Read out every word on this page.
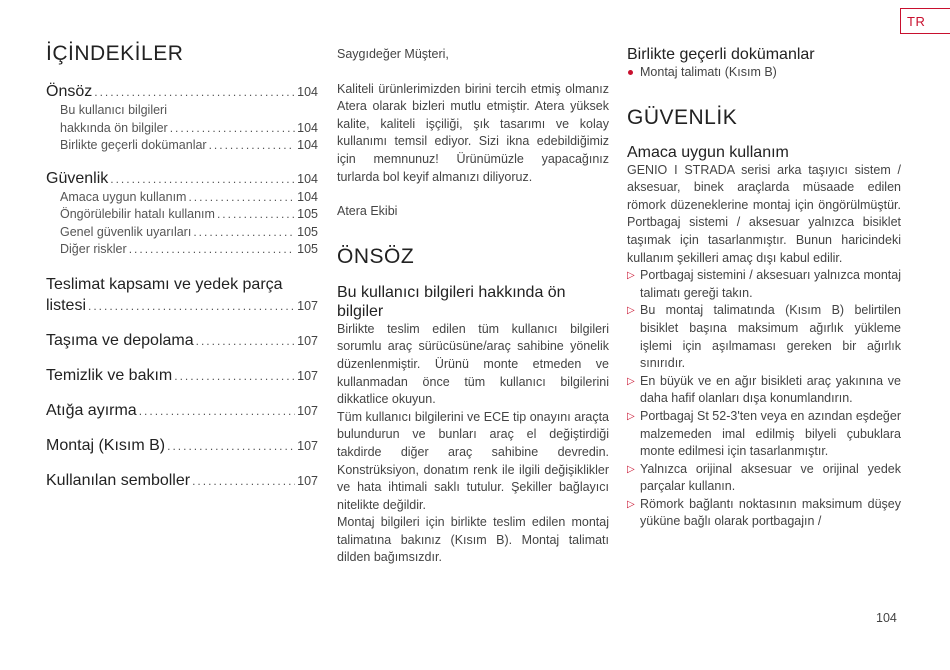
TR
İÇİNDEKİLER
Önsöz .....	104
Bu kullanıcı bilgileri
hakkında ön bilgiler .....	104
Birlikte geçerli dokümanlar .....	104
Güvenlik .....	104
Amaca uygun kullanım .....	104
Öngörülebilir hatalı kullanım .....	105
Genel güvenlik uyarıları .....	105
Diğer riskler .....	105
Teslimat kapsamı ve yedek parça
listesi .....	107
Taşıma ve depolama .....	107
Temizlik ve bakım .....	107
Atığa ayırma .....	107
Montaj (Kısım B) .....	107
Kullanılan semboller .....	107

Saygıdeğer Müşteri,

Kaliteli ürünlerimizden birini tercih etmiş olmanız Atera olarak bizleri mutlu etmiştir. Atera yüksek kalite, kaliteli işçiliği, şık tasarımı ve kolay kullanımı temsil ediyor. Sizi ikna edebildiğimiz için memnunuz! Ürünümüzle yapacağınız turlarda bol keyif almanızı diliyoruz.

Atera Ekibi

ÖNSÖZ
Bu kullanıcı bilgileri hakkında ön bilgiler

Birlikte teslim edilen tüm kullanıcı bilgileri sorumlu araç sürücüsüne/araç sahibine yönelik düzenlenmiştir. Ürünü monte etmeden ve kullanmadan önce tüm kullanıcı bilgilerini dikkatlice okuyun.

Tüm kullanıcı bilgilerini ve ECE tip onayını araçta bulundurun ve bunları araç el değiştirdiği takdirde diğer araç sahibine devredin. Konstrüksiyon, donatım renk ile ilgili değişiklikler ve hata ihtimali saklı tutulur. Şekiller bağlayıcı nitelikte değildir.

Montaj bilgileri için birlikte teslim edilen montaj talimatına bakınız (Kısım B). Montaj talimatı dilden bağımsızdır.

Birlikte geçerli dokümanlar
Montaj talimatı (Kısım B)
GÜVENLİK
Amaca uygun kullanım

GENIO I STRADA serisi arka taşıyıcı sistem / aksesuar, binek araçlarda müsaade edilen römork düzeneklerine montaj için öngörülmüştür. Portbagaj sistemi / aksesuar yalnızca bisiklet taşımak için tasarlanmıştır. Bunun haricindeki kullanım şekilleri amaç dışı kabul edilir.

▷ Portbagaj sistemini / aksesuarı yalnızca montaj talimatı gereği takın.
▷ Bu montaj talimatında (Kısım B) belirtilen bisiklet başına maksimum ağırlık yükleme işlemi için aşılmaması gereken bir ağırlık sınırıdır.
▷ En büyük ve en ağır bisikleti araç yakınına ve daha hafif olanları dışa konumlandırın.
▷ Portbagaj St 52-3'ten veya en azından eşdeğer malzemeden imal edilmiş bilyeli çubuklara monte edilmesi için tasarlanmıştır.
▷ Yalnızca orijinal aksesuar ve orijinal yedek parçalar kullanın.
▷ Römork bağlantı noktasının maksimum düşey yüküne bağlı olarak portbagajın /
104
